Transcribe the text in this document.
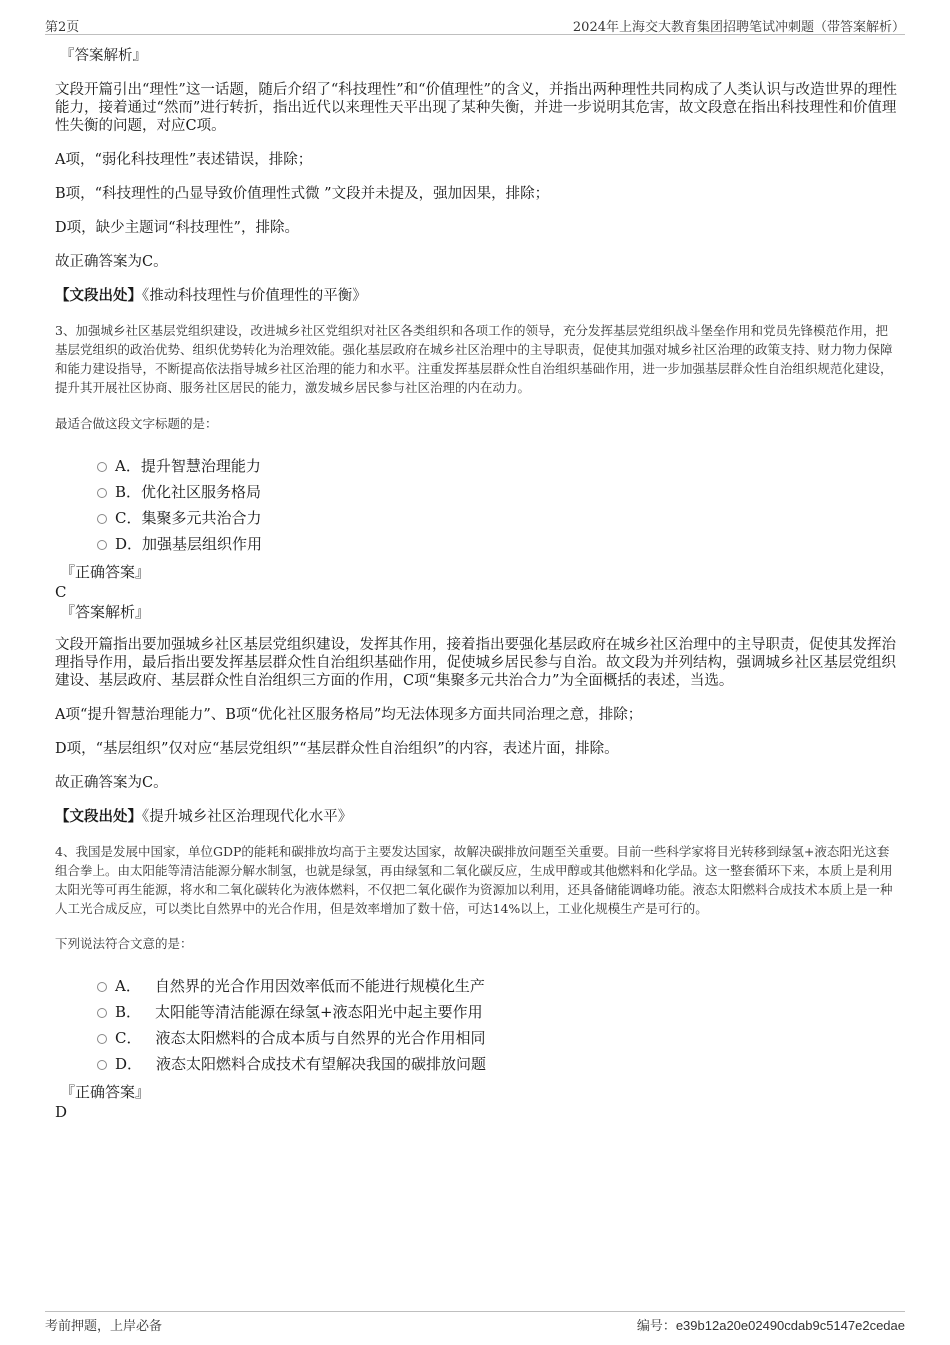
第2页	2024年上海交大教育集团招聘笔试冲刺题（带答案解析）
『答案解析』

文段开篇引出“理性”这一话题，随后介绍了“科技理性”和“价值理性”的含义，并指出两种理性共同构成了人类认识与改造世界的理性能力，接着通过“然而”进行转折，指出近代以来理性天平出现了某种失衡，并进一步说明其危害，故文段意在指出科技理性和价值理性失衡的问题，对应C项。

A项，“弱化科技理性”表述错误，排除；

B项，“科技理性的凸显导致价值理性式微 ”文段并未提及，强加因果，排除；

D项，缺少主题词“科技理性”，排除。

故正确答案为C。

【文段出处】《推动科技理性与价值理性的平衡》

3、加强城乡社区基层党组织建设，改进城乡社区党组织对社区各类组织和各项工作的领导，充分发挥基层党组织战斗堡垒作用和党员先锋模范作用，把基层党组织的政治优势、组织优势转化为治理效能。强化基层政府在城乡社区治理中的主导职责，促使其加强对城乡社区治理的政策支持、财力物力保障和能力建设指导，不断提高依法指导城乡社区治理的能力和水平。注重发挥基层群众性自治组织基础作用，进一步加强基层群众性自治组织规范化建设，提升其开展社区协商、服务社区居民的能力，激发城乡居民参与社区治理的内在动力。

最适合做这段文字标题的是：

A．提升智慧治理能力
B．优化社区服务格局
C．集聚多元共治合力
D．加强基层组织作用
『正确答案』
C
『答案解析』

文段开篇指出要加强城乡社区基层党组织建设，发挥其作用，接着指出要强化基层政府在城乡社区治理中的主导职责，促使其发挥治理指导作用，最后指出要发挥基层群众性自治组织基础作用，促使城乡居民参与自治。故文段为并列结构，强调城乡社区基层党组织建设、基层政府、基层群众性自治组织三方面的作用，C项“集聚多元共治合力”为全面概括的表述，当选。

A项“提升智慧治理能力”、B项“优化社区服务格局”均无法体现多方面共同治理之意，排除；

D项，“基层组织”仅对应“基层党组织”“基层群众性自治组织”的内容，表述片面，排除。

故正确答案为C。

【文段出处】《提升城乡社区治理现代化水平》

4、我国是发展中国家，单位GDP的能耗和碳排放均高于主要发达国家，故解决碳排放问题至关重要。目前一些科学家将目光转移到绿氢+液态阳光这套组合拳上。由太阳能等清洁能源分解水制氢，也就是绿氢，再由绿氢和二氧化碳反应，生成甲醇或其他燃料和化学品。这一整套循环下来，本质上是利用太阳光等可再生能源，将水和二氧化碳转化为液体燃料，不仅把二氧化碳作为资源加以利用，还具备储能调峰功能。液态太阳燃料合成技术本质上是一种人工光合成反应，可以类比自然界中的光合作用，但是效率增加了数十倍，可达14%以上，工业化规模生产是可行的。

下列说法符合文意的是：

A． 自然界的光合作用因效率低而不能进行规模化生产
B． 太阳能等清洁能源在绿氢+液态阳光中起主要作用
C． 液态太阳燃料的合成本质与自然界的光合作用相同
D． 液态太阳燃料合成技术有望解决我国的碳排放问题
『正确答案』
D
考前押题，上岸必备	编号：e39b12a20e02490cdab9c5147e2cedae
